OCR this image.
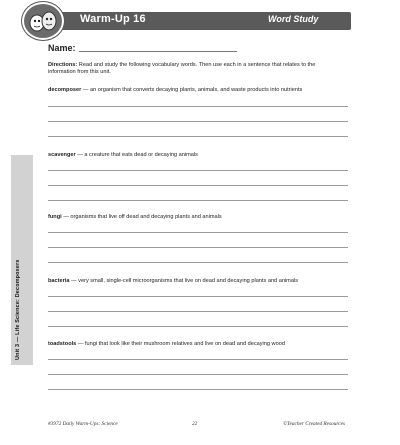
Warm-Up 16	Word Study
Name:
Directions: Read and study the following vocabulary words. Then use each in a sentence that relates to the information from this unit.
decomposer — an organism that converts decaying plants, animals, and waste products into nutrients
scavenger — a creature that eats dead or decaying animals
fungi — organisms that live off dead and decaying plants and animals
bacteria — very small, single-cell microorganisms that live on dead and decaying plants and animals
toadstools — fungi that look like their mushroom relatives and live on dead and decaying wood
Unit 3 — Life Science: Decomposers
#3972 Daily Warm-Ups: Science	22	©Teacher Created Resources
